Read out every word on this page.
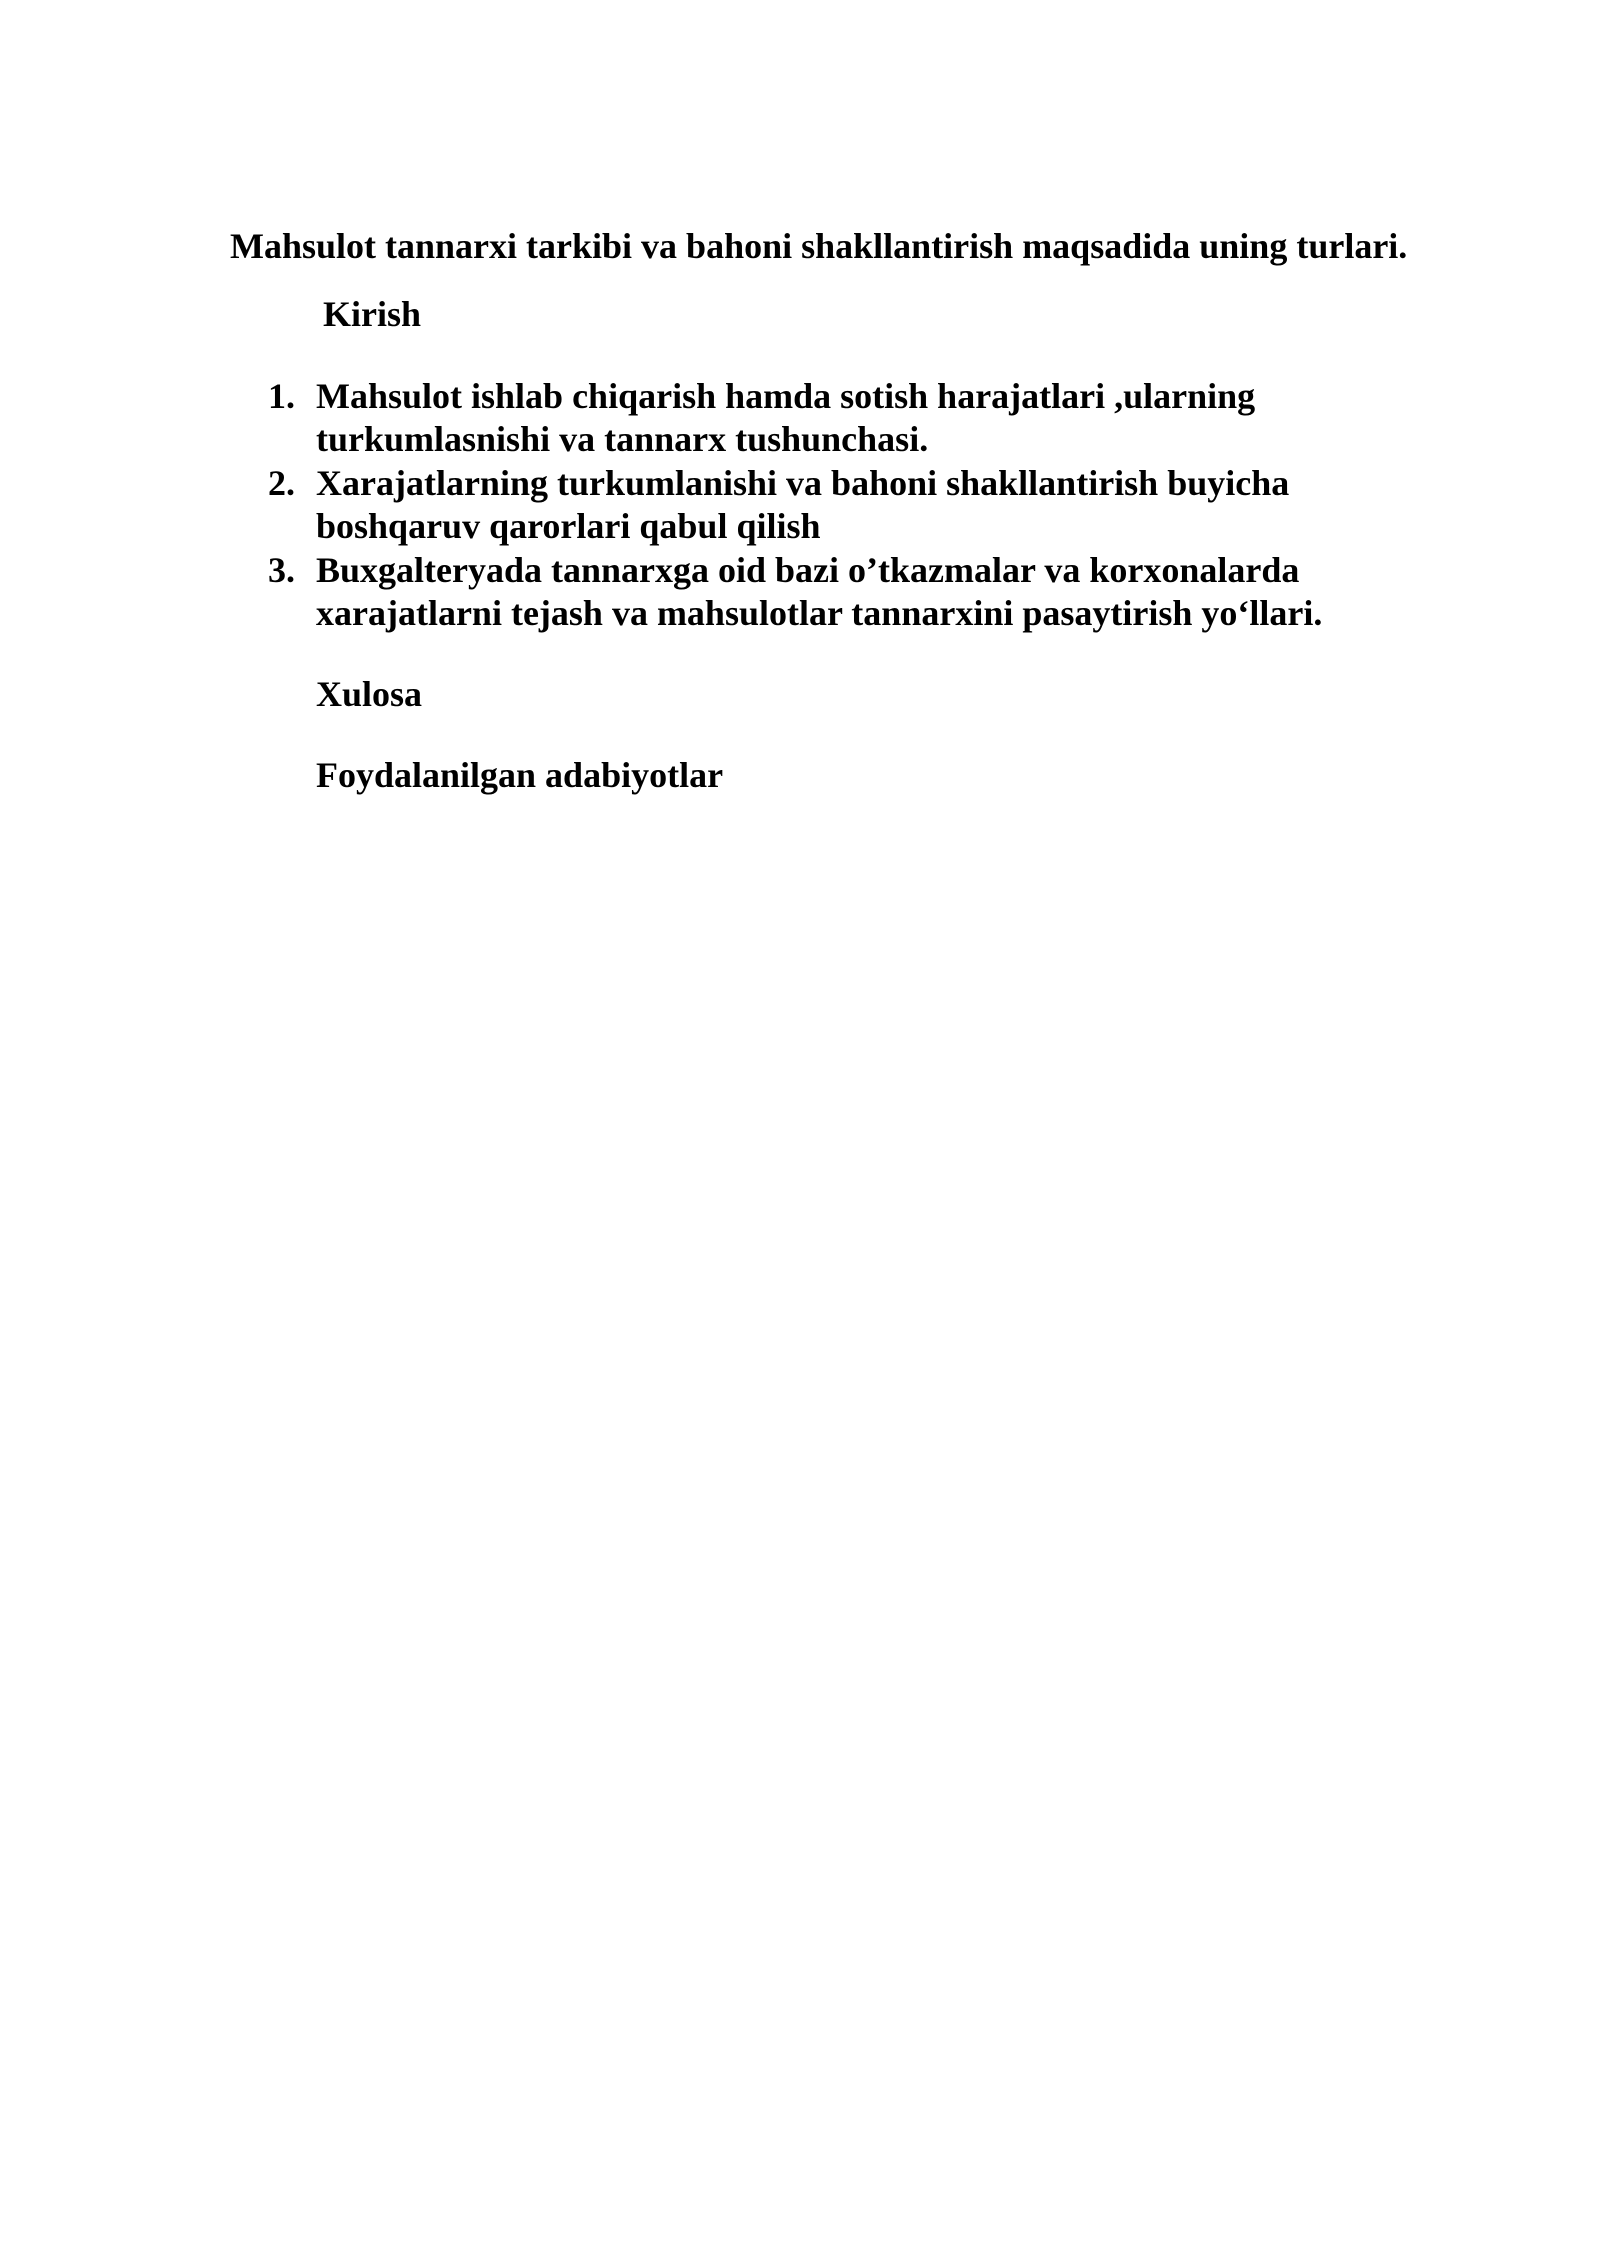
Mahsulot tannarxi tarkibi va bahoni shakllantirish maqsadida uning turlari.

Kirish

1. Mahsulot ishlab chiqarish hamda sotish harajatlari ,ularning turkumlasnishi va tannarx tushunchasi.
2. Xarajatlarning turkumlanishi va bahoni shakllantirish buyicha boshqaruv qarorlari qabul qilish
3. Buxgalteryada tannarxga oid bazi o’tkazmalar va korxonalarda xarajatlarni tejash va mahsulotlar tannarxini pasaytirish yo‘llari.

Xulosa

Foydalanilgan adabiyotlar
